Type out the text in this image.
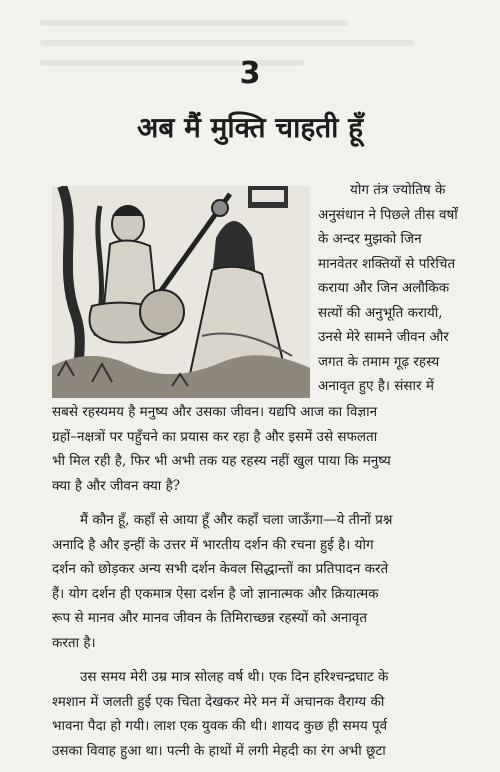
3
अब मैं मुक्ति चाहती हूँ
योग तंत्र ज्योतिष के
अनुसंधान ने पिछले तीस वर्षों
के अन्दर मुझको जिन
मानवेतर शक्तियों से परिचित
कराया और जिन अलौकिक
सत्यों की अनुभूति करायी,
उनसे मेरे सामने जीवन और
जगत के तमाम गूढ़ रहस्य
अनावृत हुए है। संसार में
सबसे रहस्यमय है मनुष्य और उसका जीवन। यद्यपि आज का विज्ञान
ग्रहों–नक्षत्रों पर पहुँचने का प्रयास कर रहा है और इसमें उसे सफलता
भी मिल रही है, फिर भी अभी तक यह रहस्य नहीं खुल पाया कि मनुष्य
क्या है और जीवन क्या है?
मैं कौन हूँ, कहाँ से आया हूँ और कहाँ चला जाऊँगा—ये तीनों प्रश्न
अनादि है और इन्हीं के उत्तर में भारतीय दर्शन की रचना हुई है। योग
दर्शन को छोड़कर अन्य सभी दर्शन केवल सिद्धान्तों का प्रतिपादन करते
हैं। योग दर्शन ही एकमात्र ऐसा दर्शन है जो ज्ञानात्मक और क्रियात्मक
रूप से मानव और मानव जीवन के तिमिराच्छन्न रहस्यों को अनावृत
करता है।
उस समय मेरी उम्र मात्र सोलह वर्ष थी। एक दिन हरिश्चन्द्रघाट के
श्मशान में जलती हुई एक चिता देखकर मेरे मन में अचानक वैराग्य की
भावना पैदा हो गयी। लाश एक युवक की थी। शायद कुछ ही समय पूर्व
उसका विवाह हुआ था। पत्नी के हाथों में लगी मेहदी का रंग अभी छूटा
